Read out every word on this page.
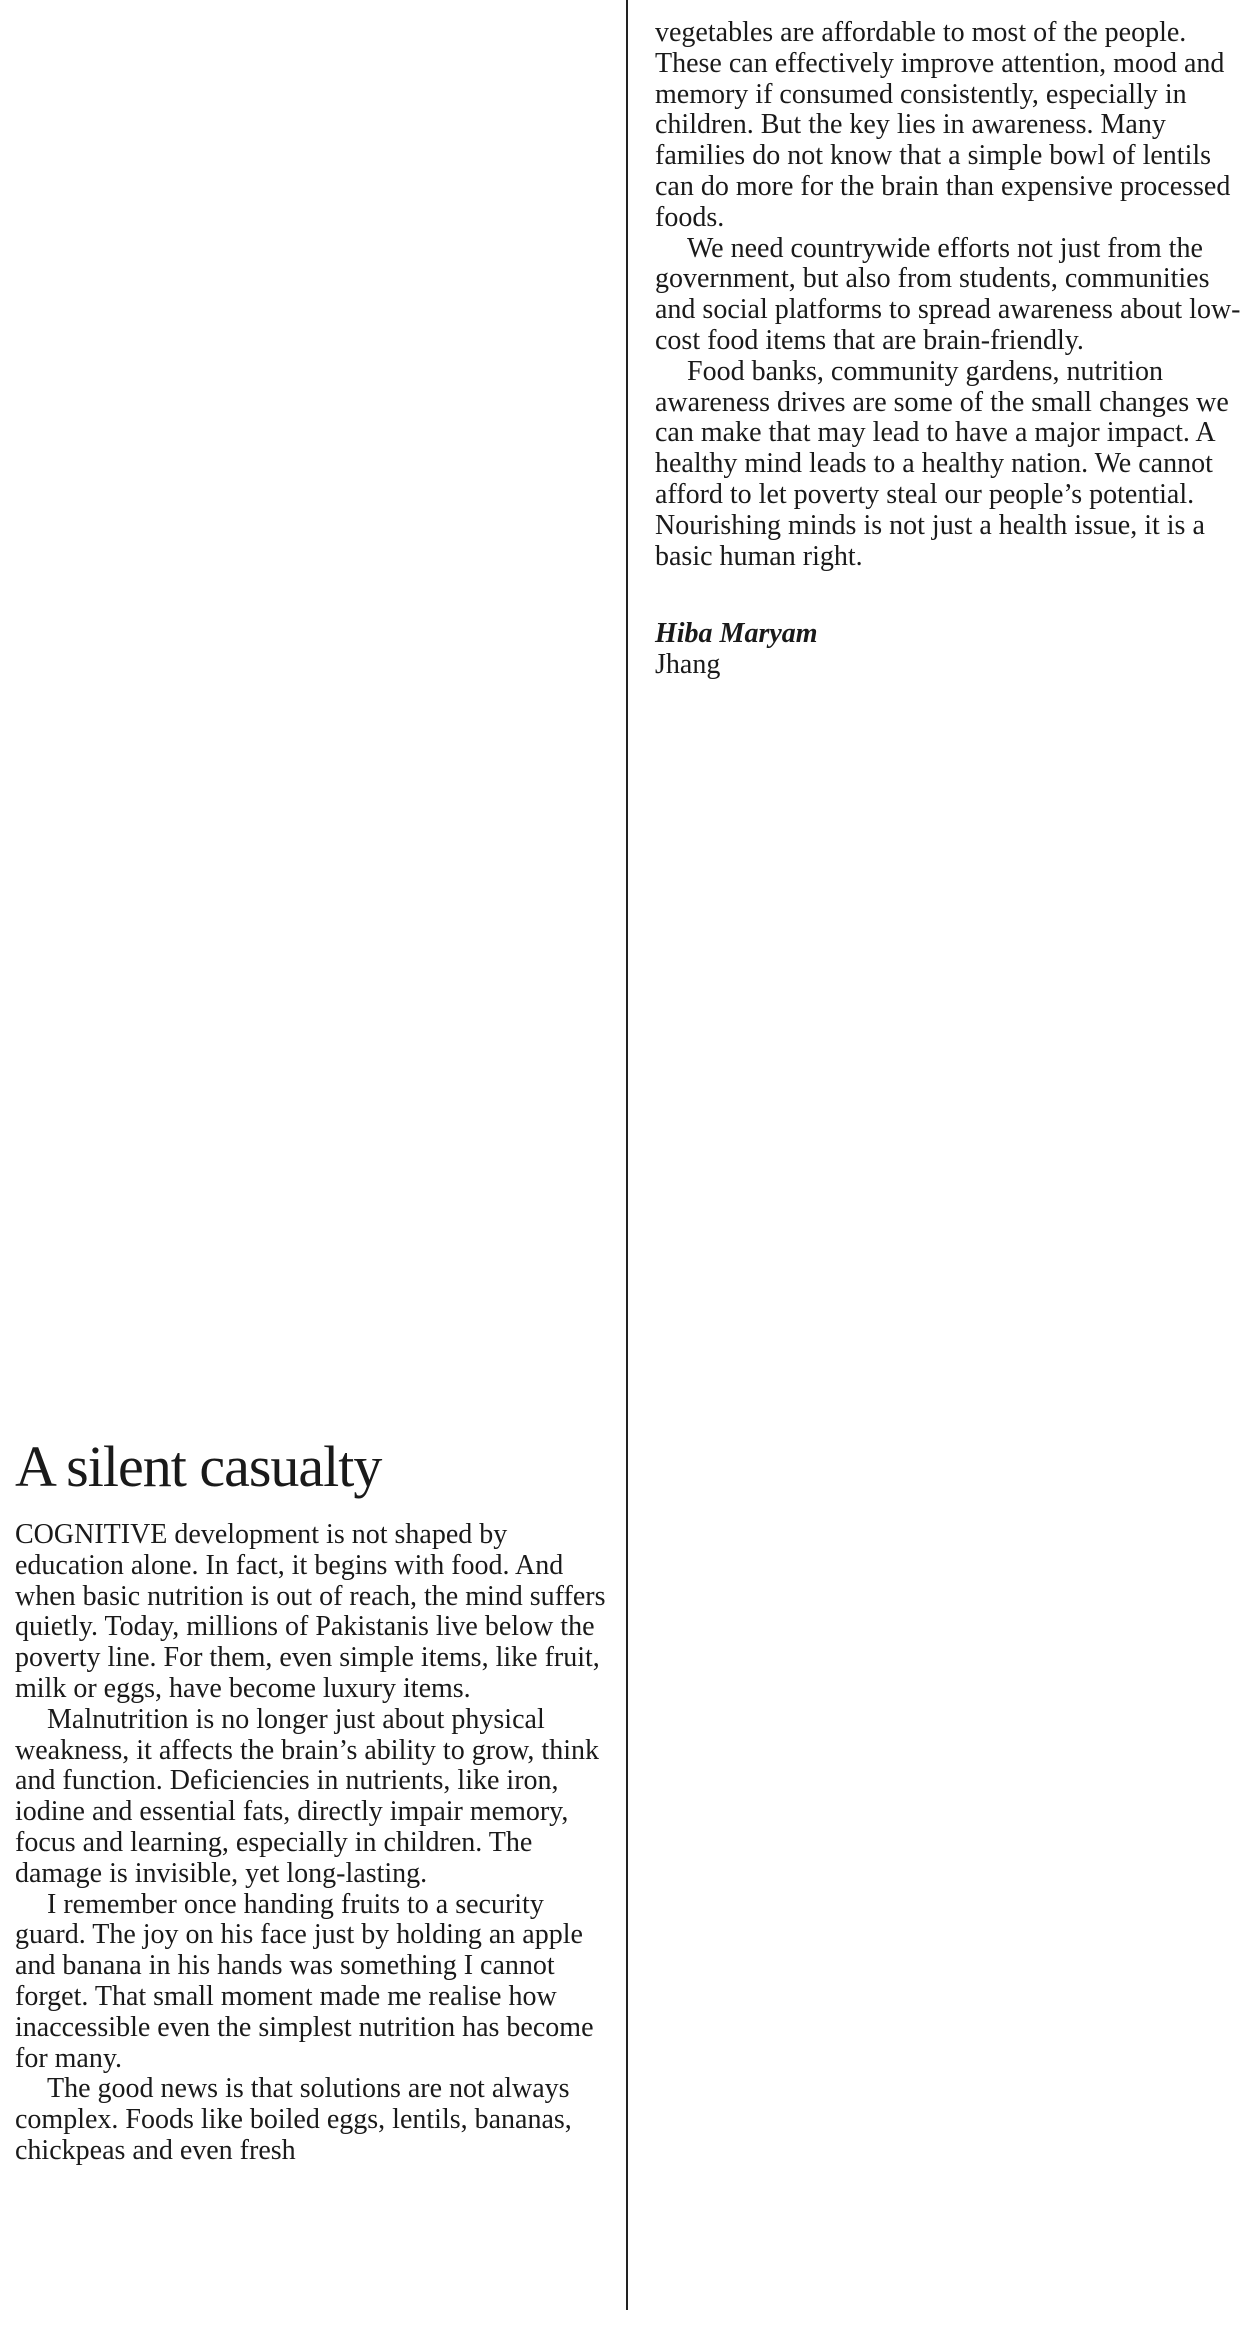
A silent casualty

COGNITIVE development is not shaped by education alone. In fact, it begins with food. And when basic nutrition is out of reach, the mind suffers quietly. Today, millions of Pakistanis live below the poverty line. For them, even simple items, like fruit, milk or eggs, have become luxury items.

Malnutrition is no longer just about physical weakness, it affects the brain’s ability to grow, think and function. Deficiencies in nutrients, like iron, iodine and essential fats, directly impair memory, focus and learning, especially in children. The damage is invisible, yet long-lasting.

I remember once handing fruits to a security guard. The joy on his face just by holding an apple and banana in his hands was something I cannot forget. That small moment made me realise how inaccessible even the simplest nutrition has become for many.

The good news is that solutions are not always complex. Foods like boiled eggs, lentils, bananas, chickpeas and even fresh

vegetables are affordable to most of the people. These can effectively improve attention, mood and memory if consumed consistently, especially in children. But the key lies in awareness. Many families do not know that a simple bowl of lentils can do more for the brain than expensive processed foods.

We need countrywide efforts not just from the government, but also from students, communities and social platforms to spread awareness about low-cost food items that are brain-friendly.

Food banks, community gardens, nutrition awareness drives are some of the small changes we can make that may lead to have a major impact. A healthy mind leads to a healthy nation. We cannot afford to let poverty steal our people’s potential. Nourishing minds is not just a health issue, it is a basic human right.

Hiba Maryam
Jhang
